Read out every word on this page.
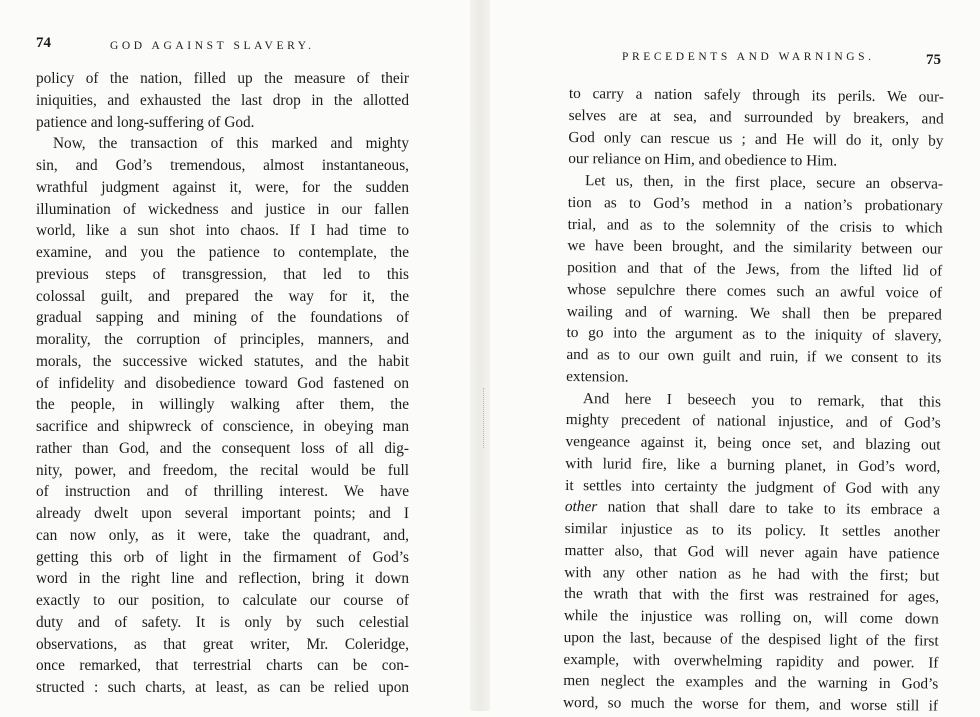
74	GOD AGAINST SLAVERY.
policy of the nation, filled up the measure of their
iniquities, and exhausted the last drop in the allotted
patience and long-suffering of God.
Now, the transaction of this marked and mighty
sin, and God’s tremendous, almost instantaneous,
wrathful judgment against it, were, for the sudden
illumination of wickedness and justice in our fallen
world, like a sun shot into chaos. If I had time to
examine, and you the patience to contemplate, the
previous steps of transgression, that led to this
colossal guilt, and prepared the way for it, the
gradual sapping and mining of the foundations of
morality, the corruption of principles, manners, and
morals, the successive wicked statutes, and the habit
of infidelity and disobedience toward God fastened on
the people, in willingly walking after them, the
sacrifice and shipwreck of conscience, in obeying man
rather than God, and the consequent loss of all dig-
nity, power, and freedom, the recital would be full
of instruction and of thrilling interest. We have
already dwelt upon several important points; and I
can now only, as it were, take the quadrant, and,
getting this orb of light in the firmament of God’s
word in the right line and reflection, bring it down
exactly to our position, to calculate our course of
duty and of safety. It is only by such celestial
observations, as that great writer, Mr. Coleridge,
once remarked, that terrestrial charts can be con-
structed : such charts, at least, as can be relied upon
PRECEDENTS AND WARNINGS.	75
to carry a nation safely through its perils. We our-
selves are at sea, and surrounded by breakers, and
God only can rescue us ; and He will do it, only by
our reliance on Him, and obedience to Him.
Let us, then, in the first place, secure an observa-
tion as to God’s method in a nation’s probationary
trial, and as to the solemnity of the crisis to which
we have been brought, and the similarity between our
position and that of the Jews, from the lifted lid of
whose sepulchre there comes such an awful voice of
wailing and of warning. We shall then be prepared
to go into the argument as to the iniquity of slavery,
and as to our own guilt and ruin, if we consent to its
extension.
And here I beseech you to remark, that this
mighty precedent of national injustice, and of God’s
vengeance against it, being once set, and blazing out
with lurid fire, like a burning planet, in God’s word,
it settles into certainty the judgment of God with any
other nation that shall dare to take to its embrace a
similar injustice as to its policy. It settles another
matter also, that God will never again have patience
with any other nation as he had with the first; but
the wrath that with the first was restrained for ages,
while the injustice was rolling on, will come down
upon the last, because of the despised light of the first
example, with overwhelming rapidity and power. If
men neglect the examples and the warning in God’s
word, so much the worse for them, and worse still if
